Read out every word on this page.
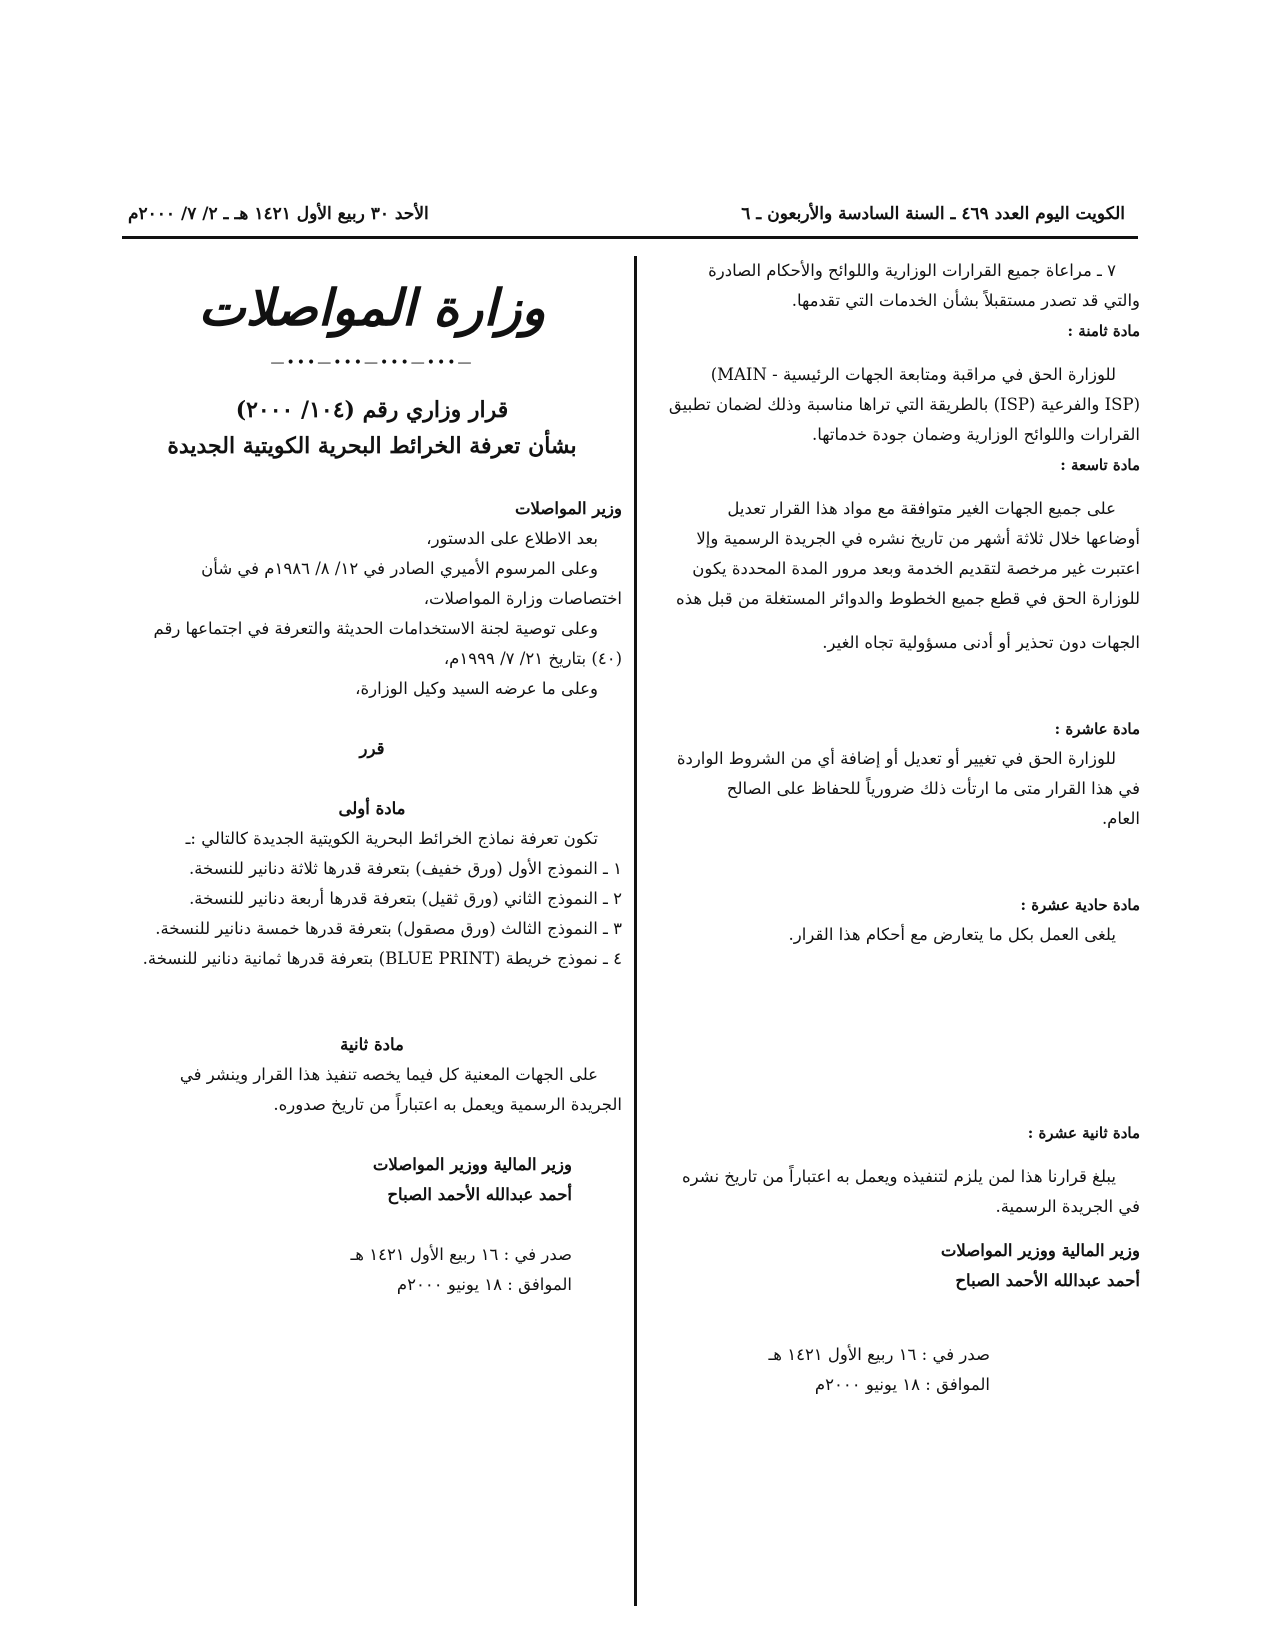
الكويت اليوم العدد ٤٦٩ ـ السنة السادسة والأربعون ـ ٦
الأحد ٣٠ ربيع الأول ١٤٢١ هـ ـ ٢/ ٧/ ٢٠٠٠م

٧ ـ مراعاة جميع القرارات الوزارية واللوائح والأحكام الصادرة

والتي قد تصدر مستقبلاً بشأن الخدمات التي تقدمها.

مادة ثامنة :

للوزارة الحق في مراقبة ومتابعة الجهات الرئيسية - MAIN)

(ISP والفرعية (ISP) بالطريقة التي تراها مناسبة وذلك لضمان تطبيق

القرارات واللوائح الوزارية وضمان جودة خدماتها.

مادة تاسعة :

على جميع الجهات الغير متوافقة مع مواد هذا القرار تعديل

أوضاعها خلال ثلاثة أشهر من تاريخ نشره في الجريدة الرسمية وإلا

اعتبرت غير مرخصة لتقديم الخدمة وبعد مرور المدة المحددة يكون

للوزارة الحق في قطع جميع الخطوط والدوائر المستغلة من قبل هذه

الجهات دون تحذير أو أدنى مسؤولية تجاه الغير.

مادة عاشرة :

للوزارة الحق في تغيير أو تعديل أو إضافة أي من الشروط الواردة

في هذا القرار متى ما ارتأت ذلك ضرورياً للحفاظ على الصالح

العام.

مادة حادية عشرة :

يلغى العمل بكل ما يتعارض مع أحكام هذا القرار.

مادة ثانية عشرة :

يبلغ قرارنا هذا لمن يلزم لتنفيذه ويعمل به اعتباراً من تاريخ نشره

في الجريدة الرسمية.

وزير المالية ووزير المواصلات

أحمد عبدالله الأحمد الصباح

صدر في : ١٦ ربيع الأول ١٤٢١ هـ

الموافق : ١٨ يونيو ٢٠٠٠م

وزارة المواصلات
—•••—•••—•••—•••—
قرار وزاري رقم (١٠٤/ ٢٠٠٠)
بشأن تعرفة الخرائط البحرية الكويتية الجديدة

وزير المواصلات

بعد الاطلاع على الدستور،

وعلى المرسوم الأميري الصادر في ١٢/ ٨/ ١٩٨٦م في شأن

اختصاصات وزارة المواصلات،

وعلى توصية لجنة الاستخدامات الحديثة والتعرفة في اجتماعها رقم

(٤٠) بتاريخ ٢١/ ٧/ ١٩٩٩م،

وعلى ما عرضه السيد وكيل الوزارة،

قرر

مادة أولى

تكون تعرفة نماذج الخرائط البحرية الكويتية الجديدة كالتالي :ـ

١ ـ النموذج الأول (ورق خفيف) بتعرفة قدرها ثلاثة دنانير للنسخة.

٢ ـ النموذج الثاني (ورق ثقيل) بتعرفة قدرها أربعة دنانير للنسخة.

٣ ـ النموذج الثالث (ورق مصقول) بتعرفة قدرها خمسة دنانير للنسخة.

٤ ـ نموذج خريطة (BLUE PRINT) بتعرفة قدرها ثمانية دنانير للنسخة.

مادة ثانية

على الجهات المعنية كل فيما يخصه تنفيذ هذا القرار وينشر في

الجريدة الرسمية ويعمل به اعتباراً من تاريخ صدوره.

وزير المالية ووزير المواصلات

أحمد عبدالله الأحمد الصباح

صدر في : ١٦ ربيع الأول ١٤٢١ هـ

الموافق : ١٨ يونيو ٢٠٠٠م
